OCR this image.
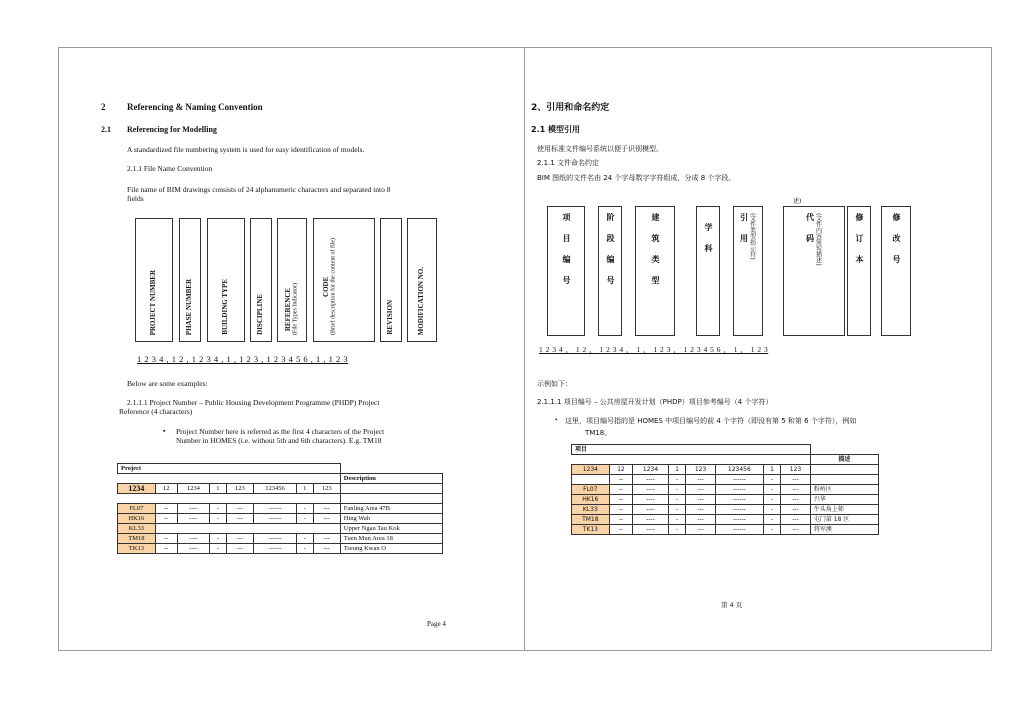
2 Referencing & Naming Convention
2.1 Referencing for Modelling
A standardized file numbering system is used for easy identification of models.
2.1.1 File Name Convention
File name of BIM drawings consists of 24 alphanumeric characters and separated into 8
fields
PROJECT NUMBER	PHASE NUMBER	BUILDING TYPE	DISCIPLINE	REFERENCE (File Types Indicator)	CODE (Brief description for the content of file)	REVISION	MODIFICATION NO.
1 2 3 4 , 1 2 , 1 2 3 4 , 1 , 1 2 3 , 1 2 3 4 5 6 , 1 , 1 2 3
Below are some examples:
2.1.1.1 Project Number – Public Housing Development Programme (PHDP) Project
Reference (4 characters)
▪ Project Number here is referred as the first 4 characters of the Project
Number in HOMES (i.e. without 5th and 6th characters). E.g. TM18
Project								
								Description
1234	12	1234	1	123	123456	1	123	

FL07	--	----	-	---	------	-	---	Fanling Area 47B
HK16	--	----	-	---	------	-	---	Hing Wah
KL33								Upper Ngau Tau Kok
TM18	--	----	-	---	------	-	---	Tuen Mun Area 18
TK13	--	----	-	---	------	-	---	Tseung Kwan O
Page 4
2、引用和命名约定
2.1 模型引用
使用标准文件编号系统以便于识别模型。
2.1.1 文件命名约定
BIM 图纸的文件名由 24 个字母数字字符组成，分成 8 个字段。
述)
项目编号	阶段编号	建筑类型	学科	引用 (文件类型指示符)	代码 (文件内容简短描述)	修订本	修改号
1 2 3 4 ， 1 2 ， 1 2 3 4 ， 1 ， 1 2 3 ， 1 2 3 4 5 6 ， 1 ， 1 2 3
示例如下：
2.1.1.1 项目编号 – 公共房屋开发计划（PHDP）项目参考编号（4 个字符）
• 这里，项目编号指的是 HOMES 中项目编号的前 4 个字符（即没有第 5 和第 6 个字符），例如
TM18。
项目								
								描述
1234	12	1234	1	123	123456	1	123	
	--	----	-	---	------	-	---	
FL07	--	----	-	---	------	-	---	粉岭区
HK16	--	----	-	---	------	-	---	兴华
KL33	--	----	-	---	------	-	---	牛头角上邨
TM18	--	----	-	---	------	-	---	屯门第 18 区
TK13	--	----	-	---	------	-	---	将军澳
第 4 页
